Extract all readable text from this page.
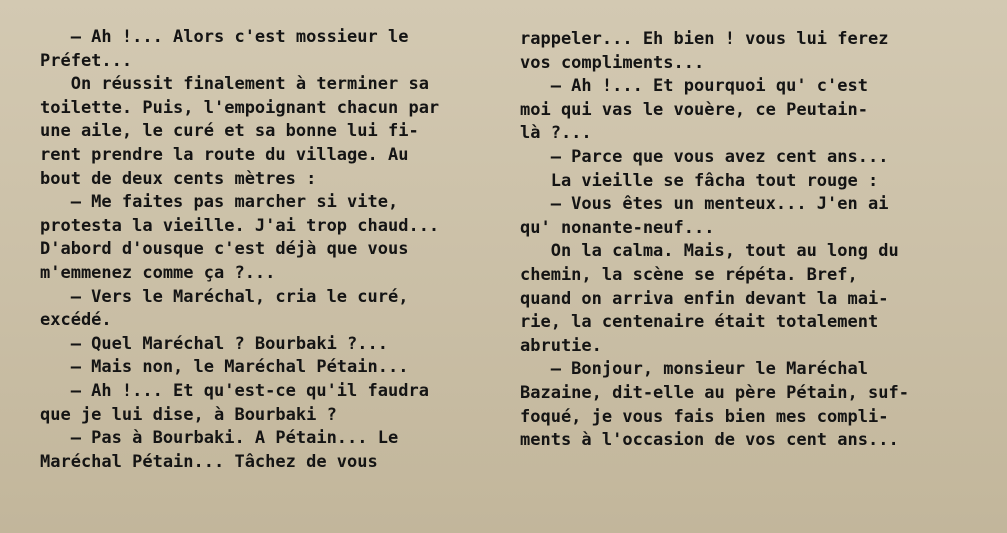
— Ah !... Alors c'est mossieur le
Préfet...
On réussit finalement à terminer sa
toilette. Puis, l'empoignant chacun par
une aile, le curé et sa bonne lui fi-
rent prendre la route du village. Au
bout de deux cents mètres :
— Me faites pas marcher si vite,
protesta la vieille. J'ai trop chaud...
D'abord d'ousque c'est déjà que vous
m'emmenez comme ça ?...
— Vers le Maréchal, cria le curé,
excédé.
— Quel Maréchal ? Bourbaki ?...
— Mais non, le Maréchal Pétain...
— Ah !... Et qu'est-ce qu'il faudra
que je lui dise, à Bourbaki ?
— Pas à Bourbaki. A Pétain... Le
Maréchal Pétain... Tâchez de vous
rappeler... Eh bien ! vous lui ferez
vos compliments...
— Ah !... Et pourquoi qu' c'est
moi qui vas le vouère, ce Peutain-
là ?...
— Parce que vous avez cent ans...
La vieille se fâcha tout rouge :
— Vous êtes un menteux... J'en ai
qu' nonante-neuf...
On la calma. Mais, tout au long du
chemin, la scène se répéta. Bref,
quand on arriva enfin devant la mai-
rie, la centenaire était totalement
abrutie.
— Bonjour, monsieur le Maréchal
Bazaine, dit-elle au père Pétain, suf-
foqué, je vous fais bien mes compli-
ments à l'occasion de vos cent ans...
